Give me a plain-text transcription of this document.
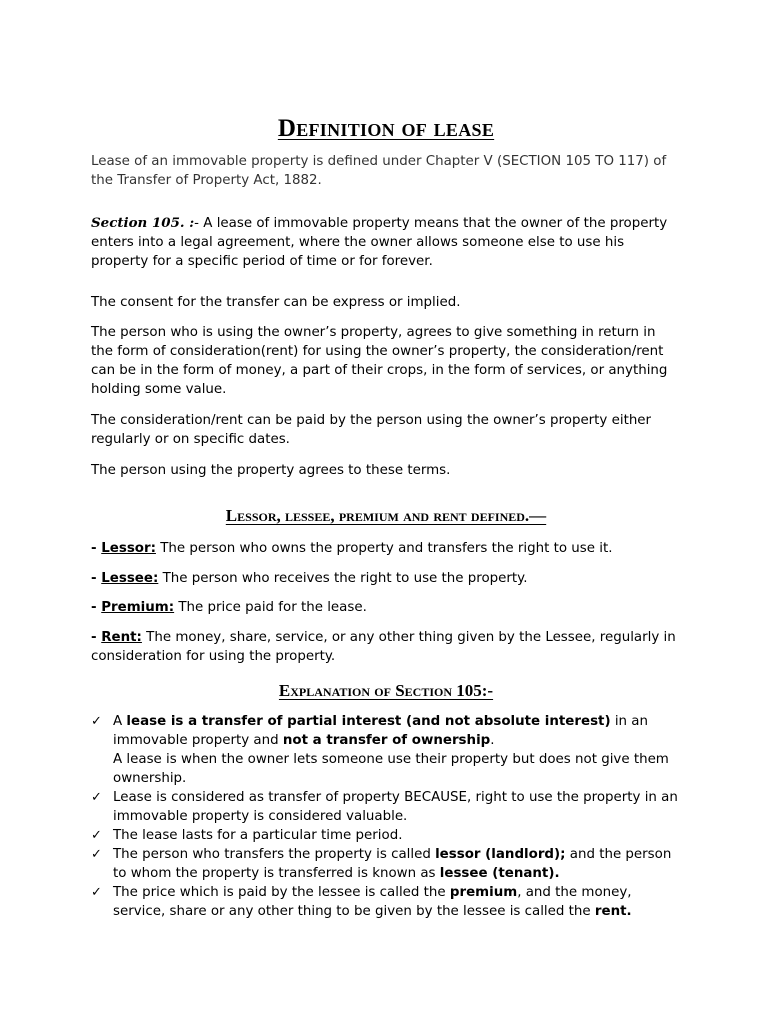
Definition of lease

Lease of an immovable property is defined under Chapter V (SECTION 105 TO 117) of the Transfer of Property Act, 1882.

Section 105. :- A lease of immovable property means that the owner of the property enters into a legal agreement, where the owner allows someone else to use his property for a specific period of time or for forever.

The consent for the transfer can be express or implied.

The person who is using the owner’s property, agrees to give something in return in the form of consideration(rent) for using the owner’s property, the consideration/rent can be in the form of money, a part of their crops, in the form of services, or anything holding some value.

The consideration/rent can be paid by the person using the owner’s property either regularly or on specific dates.

The person using the property agrees to these terms.

Lessor, lessee, premium and rent defined.—

- Lessor: The person who owns the property and transfers the right to use it.

- Lessee: The person who receives the right to use the property.

- Premium: The price paid for the lease.

- Rent: The money, share, service, or any other thing given by the Lessee, regularly in consideration for using the property.

Explanation of Section 105:-
✓ A lease is a transfer of partial interest (and not absolute interest) in an immovable property and not a transfer of ownership.
A lease is when the owner lets someone use their property but does not give them ownership.
✓ Lease is considered as transfer of property BECAUSE, right to use the property in an immovable property is considered valuable.
✓ The lease lasts for a particular time period.
✓ The person who transfers the property is called lessor (landlord); and the person to whom the property is transferred is known as lessee (tenant).
✓ The price which is paid by the lessee is called the premium, and the money, service, share or any other thing to be given by the lessee is called the rent.
